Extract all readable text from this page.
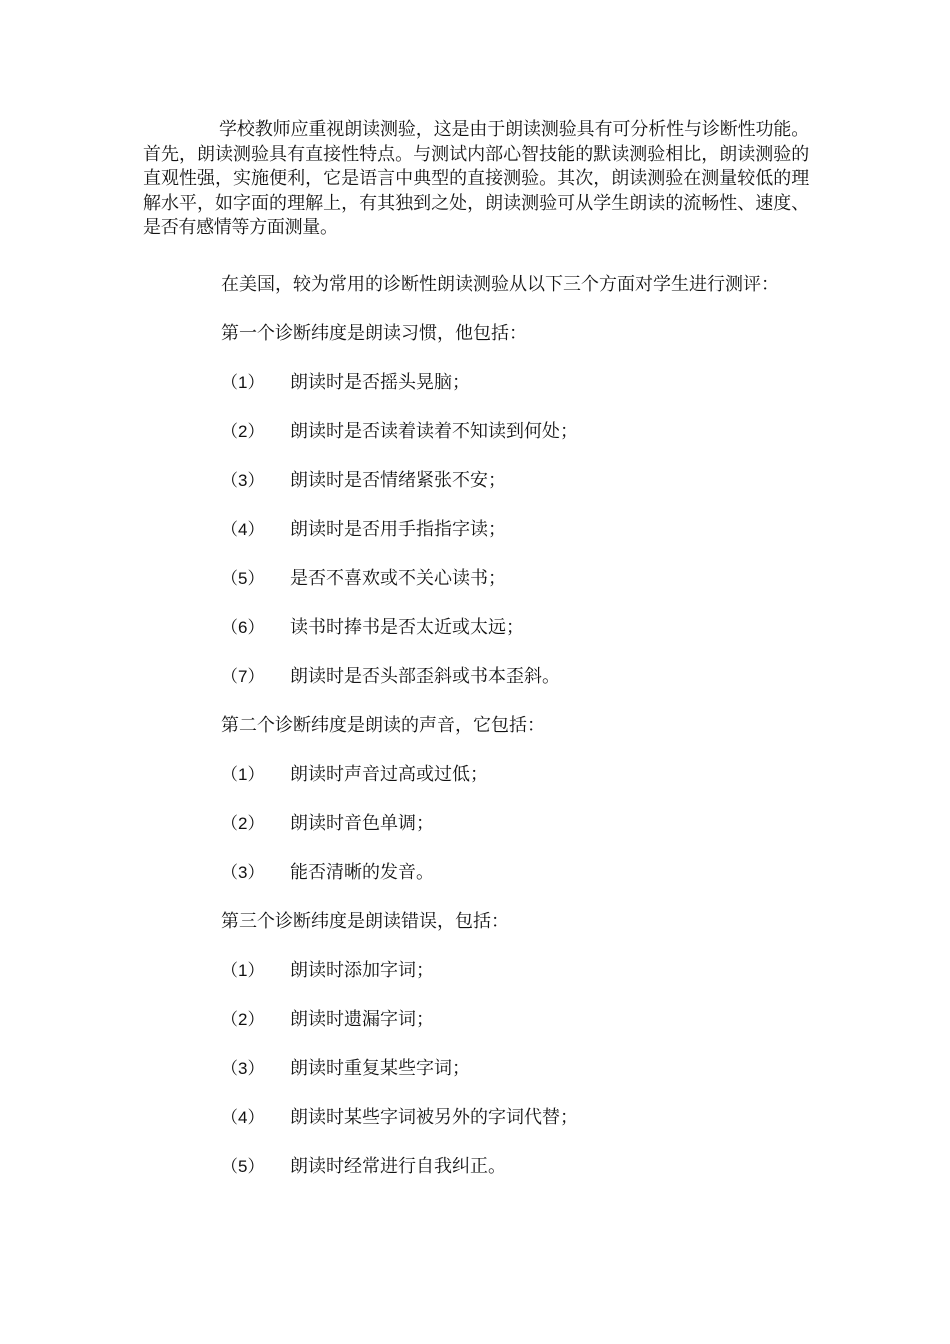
学校教师应重视朗读测验，这是由于朗读测验具有可分析性与诊断性功能。首先，朗读测验具有直接性特点。与测试内部心智技能的默读测验相比，朗读测验的直观性强，实施便利，它是语言中典型的直接测验。其次，朗读测验在测量较低的理解水平，如字面的理解上，有其独到之处，朗读测验可从学生朗读的流畅性、速度、是否有感情等方面测量。

在美国，较为常用的诊断性朗读测验从以下三个方面对学生进行测评：

第一个诊断纬度是朗读习惯，他包括：

（1） 朗读时是否摇头晃脑；
（2） 朗读时是否读着读着不知读到何处；
（3） 朗读时是否情绪紧张不安；
（4） 朗读时是否用手指指字读；
（5） 是否不喜欢或不关心读书；
（6） 读书时捧书是否太近或太远；
（7） 朗读时是否头部歪斜或书本歪斜。

第二个诊断纬度是朗读的声音，它包括：

（1） 朗读时声音过高或过低；
（2） 朗读时音色单调；
（3） 能否清晰的发音。

第三个诊断纬度是朗读错误，包括：

（1） 朗读时添加字词；
（2） 朗读时遗漏字词；
（3） 朗读时重复某些字词；
（4） 朗读时某些字词被另外的字词代替；
（5） 朗读时经常进行自我纠正。
